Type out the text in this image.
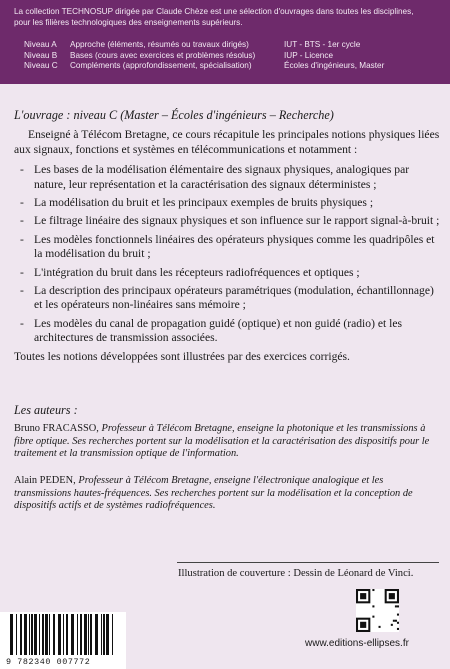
La collection TECHNOSUP dirigée par Claude Chèze est une sélection d'ouvrages dans toutes les disciplines,
pour les filières technologiques des enseignements supérieurs.
Niveau A	Approche (éléments, résumés ou travaux dirigés)	IUT - BTS - 1er cycle
Niveau B	Bases (cours avec exercices et problèmes résolus)	IUP - Licence
Niveau C	Compléments (approfondissement, spécialisation)	Écoles d'ingénieurs, Master

L'ouvrage : niveau C (Master – Écoles d'ingénieurs – Recherche)

Enseigné à Télécom Bretagne, ce cours récapitule les principales notions physiques liées aux signaux, fonctions et systèmes en télécommunications et notamment :

- Les bases de la modélisation élémentaire des signaux physiques, analogiques par nature, leur représentation et la caractérisation des signaux déterministes ;
- La modélisation du bruit et les principaux exemples de bruits physiques ;
- Le filtrage linéaire des signaux physiques et son influence sur le rapport signal-à-bruit ;
- Les modèles fonctionnels linéaires des opérateurs physiques comme les quadripôles et la modélisation du bruit ;
- L'intégration du bruit dans les récepteurs radiofréquences et optiques ;
- La description des principaux opérateurs paramétriques (modulation, échantillonnage) et les opérateurs non-linéaires sans mémoire ;
- Les modèles du canal de propagation guidé (optique) et non guidé (radio) et les architectures de transmission associées.

Toutes les notions développées sont illustrées par des exercices corrigés.

Les auteurs :

Bruno FRACASSO, Professeur à Télécom Bretagne, enseigne la photonique et les transmissions à fibre optique. Ses recherches portent sur la modélisation et la caractérisation des dispositifs pour le traitement et la transmission optique de l'information.

Alain PEDEN, Professeur à Télécom Bretagne, enseigne l'électronique analogique et les transmissions hautes-fréquences. Ses recherches portent sur la modélisation et la conception de dispositifs actifs et de systèmes radiofréquences.

Illustration de couverture : Dessin de Léonard de Vinci.
9 782340 007772
www.editions-ellipses.fr
